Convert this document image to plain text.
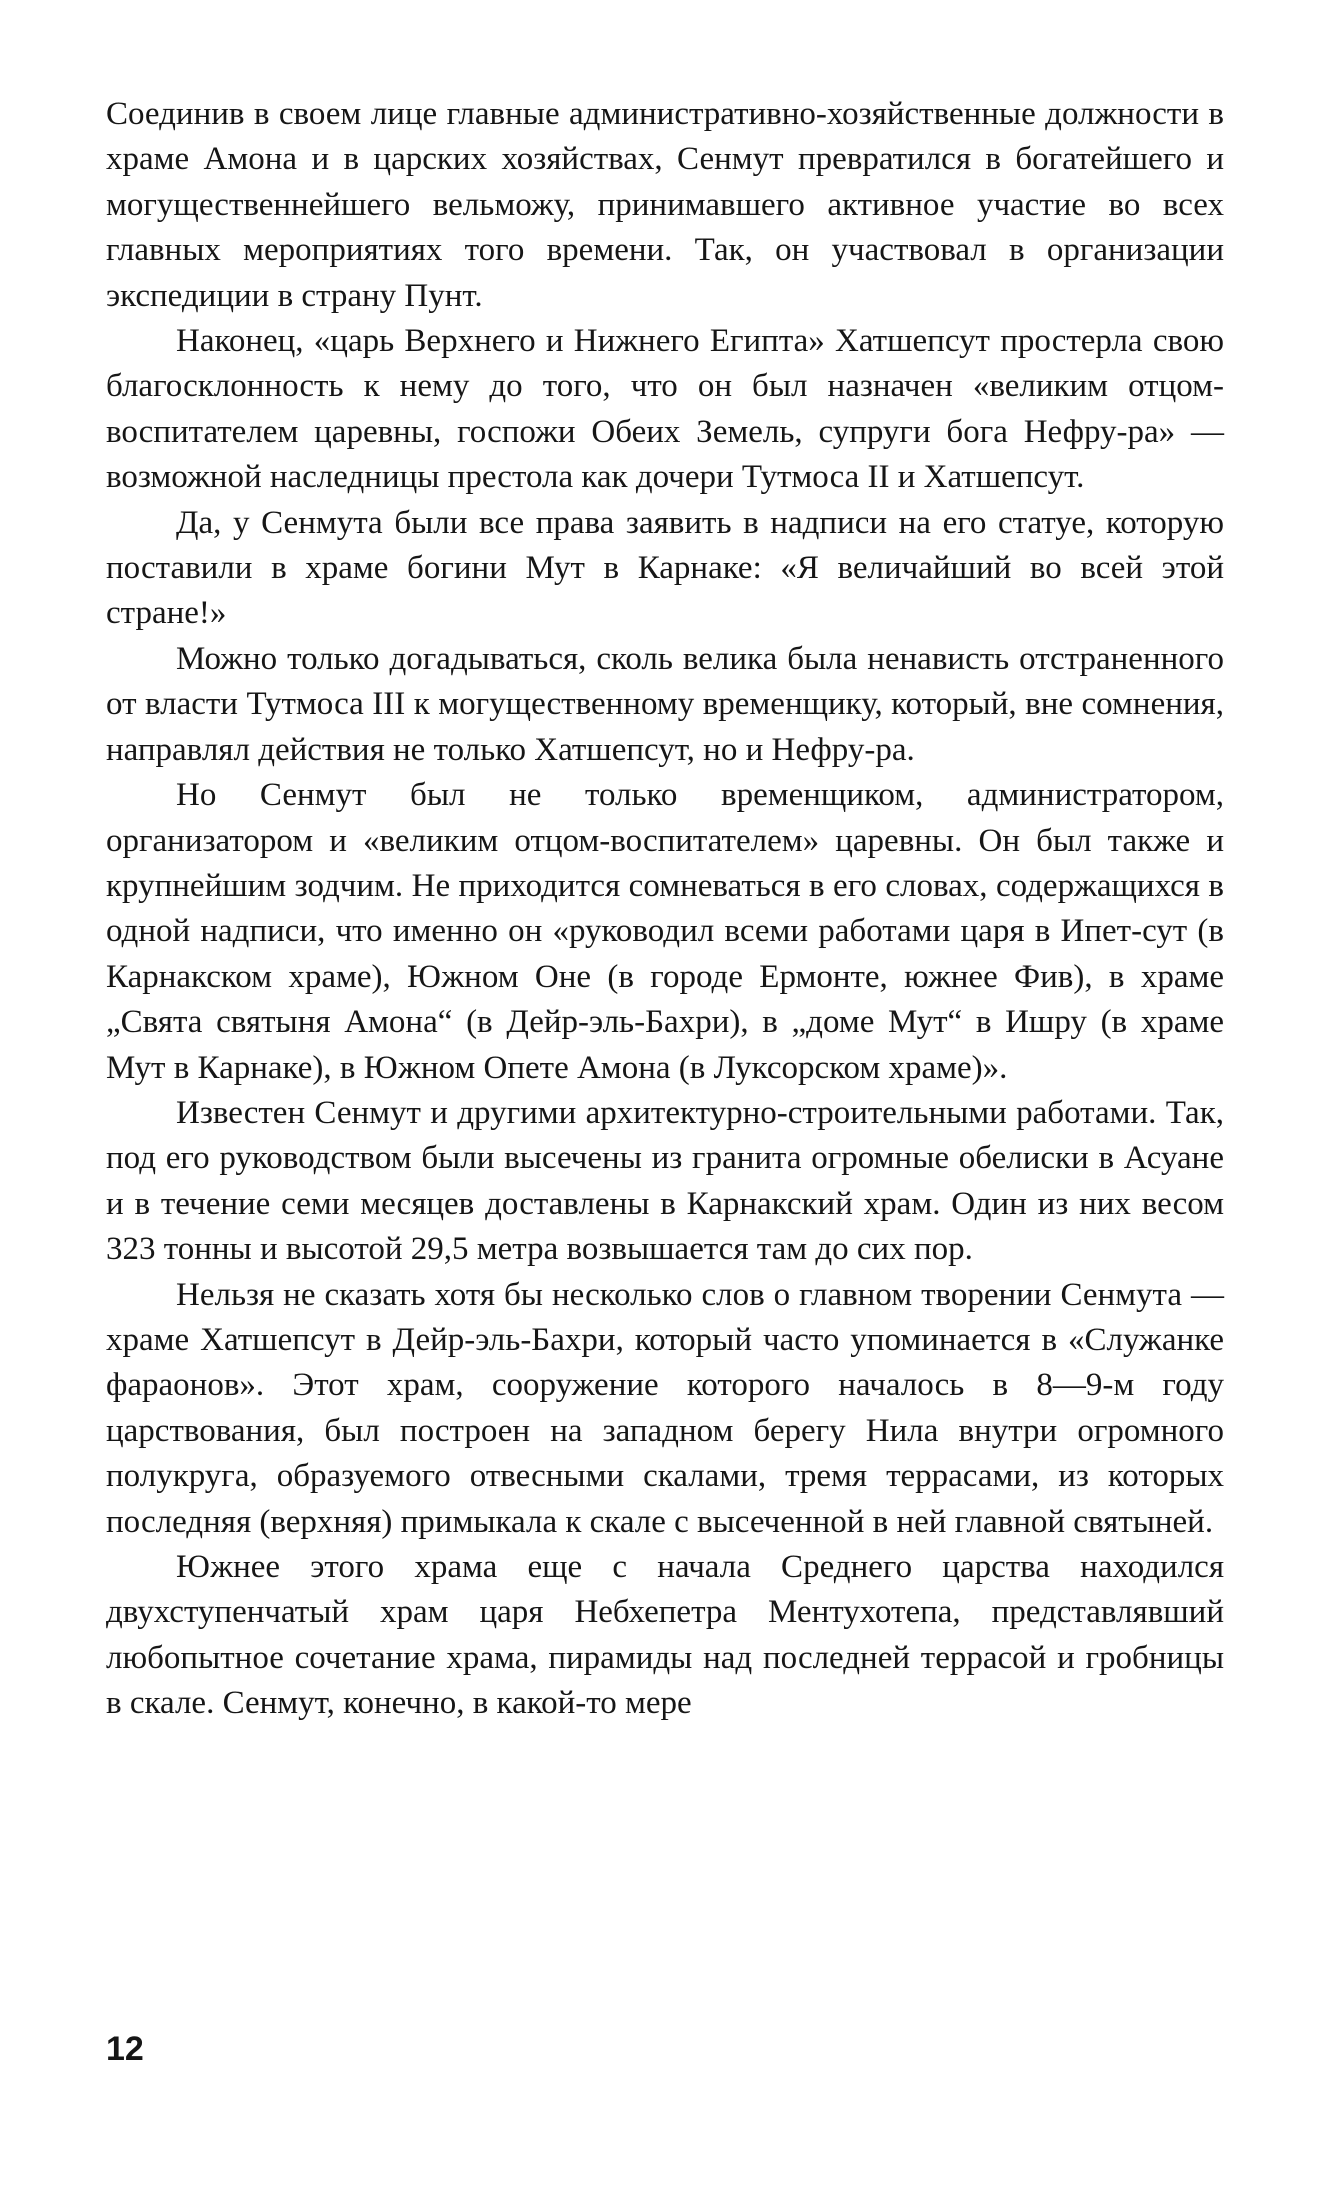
Соединив в своем лице главные административно-хозяйственные должности в храме Амона и в царских хозяйствах, Сенмут превратился в богатейшего и могущественнейшего вельможу, принимавшего активное участие во всех главных мероприятиях того времени. Так, он участвовал в организации экспедиции в страну Пунт.

Наконец, «царь Верхнего и Нижнего Египта» Хатшепсут простерла свою благосклонность к нему до того, что он был назначен «великим отцом-воспитателем царевны, госпожи Обеих Земель, супруги бога Нефру-ра» — возможной наследницы престола как дочери Тутмоса II и Хатшепсут.

Да, у Сенмута были все права заявить в надписи на его статуе, которую поставили в храме богини Мут в Карнаке: «Я величайший во всей этой стране!»

Можно только догадываться, сколь велика была ненависть отстраненного от власти Тутмоса III к могущественному временщику, который, вне сомнения, направлял действия не только Хатшепсут, но и Нефру-ра.

Но Сенмут был не только временщиком, администратором, организатором и «великим отцом-воспитателем» царевны. Он был также и крупнейшим зодчим. Не приходится сомневаться в его словах, содержащихся в одной надписи, что именно он «руководил всеми работами царя в Ипет-сут (в Карнакском храме), Южном Оне (в городе Ермонте, южнее Фив), в храме „Свята святыня Амона“ (в Дейр-эль-Бахри), в „доме Мут“ в Ишру (в храме Мут в Карнаке), в Южном Опете Амона (в Луксорском храме)».

Известен Сенмут и другими архитектурно-строительными работами. Так, под его руководством были высечены из гранита огромные обелиски в Асуане и в течение семи месяцев доставлены в Карнакский храм. Один из них весом 323 тонны и высотой 29,5 метра возвышается там до сих пор.

Нельзя не сказать хотя бы несколько слов о главном творении Сенмута — храме Хатшепсут в Дейр-эль-Бахри, который часто упоминается в «Служанке фараонов». Этот храм, сооружение которого началось в 8—9-м году царствования, был построен на западном берегу Нила внутри огромного полукруга, образуемого отвесными скалами, тремя террасами, из которых последняя (верхняя) примыкала к скале с высеченной в ней главной святыней.

Южнее этого храма еще с начала Среднего царства находился двухступенчатый храм царя Небхепетра Ментухотепа, представлявший любопытное сочетание храма, пирамиды над последней террасой и гробницы в скале. Сенмут, конечно, в какой-то мере

12
